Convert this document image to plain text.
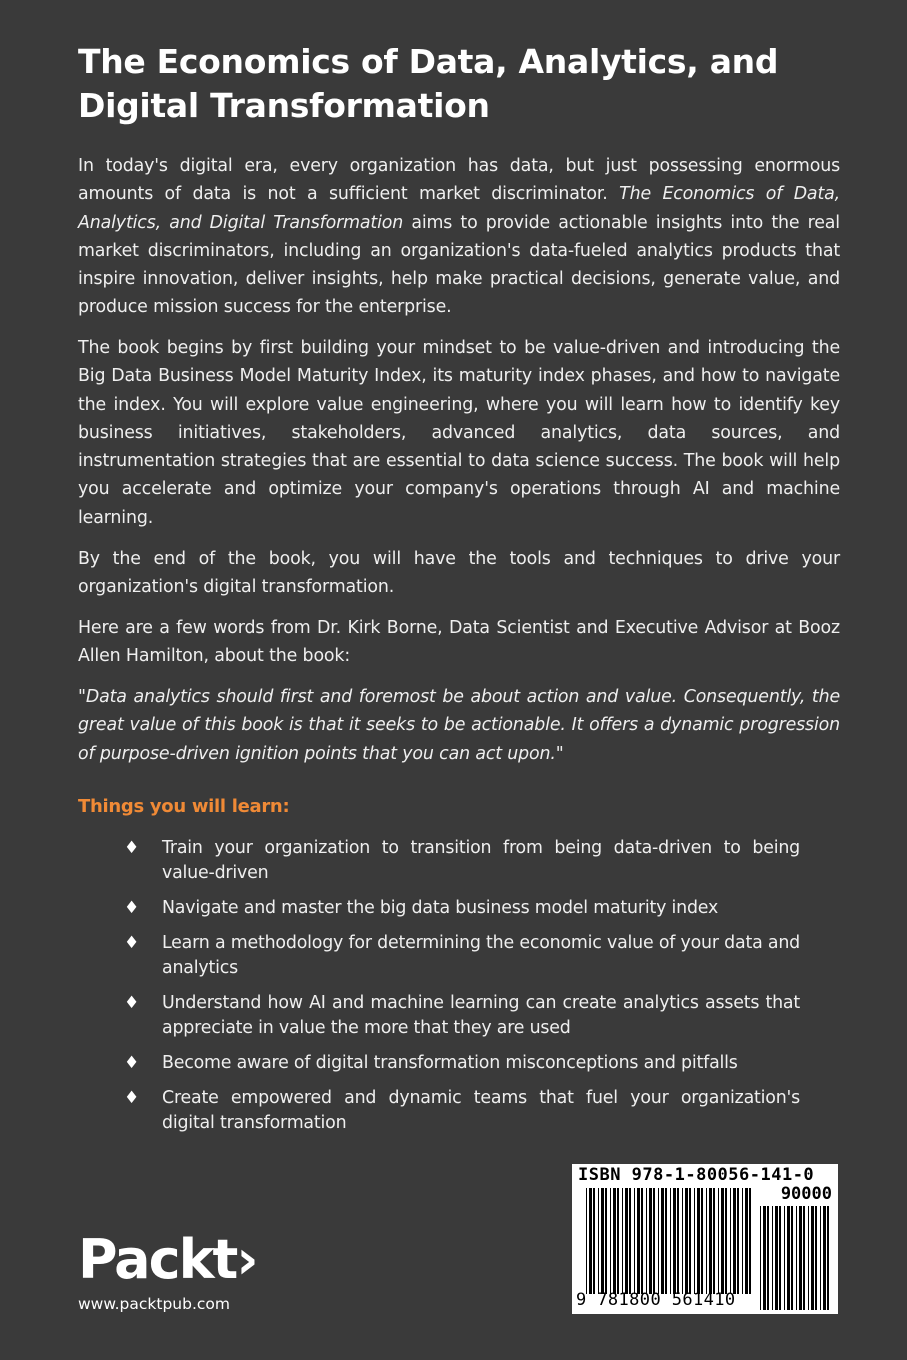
The Economics of Data, Analytics, and Digital Transformation

In today's digital era, every organization has data, but just possessing enormous amounts of data is not a sufficient market discriminator. The Economics of Data, Analytics, and Digital Transformation aims to provide actionable insights into the real market discriminators, including an organization's data-fueled analytics products that inspire innovation, deliver insights, help make practical decisions, generate value, and produce mission success for the enterprise.

The book begins by first building your mindset to be value-driven and introducing the Big Data Business Model Maturity Index, its maturity index phases, and how to navigate the index. You will explore value engineering, where you will learn how to identify key business initiatives, stakeholders, advanced analytics, data sources, and instrumentation strategies that are essential to data science success. The book will help you accelerate and optimize your company's operations through AI and machine learning.

By the end of the book, you will have the tools and techniques to drive your organization's digital transformation.

Here are a few words from Dr. Kirk Borne, Data Scientist and Executive Advisor at Booz Allen Hamilton, about the book:

"Data analytics should first and foremost be about action and value. Consequently, the great value of this book is that it seeks to be actionable. It offers a dynamic progression of purpose-driven ignition points that you can act upon."

Things you will learn:
♦ Train your organization to transition from being data-driven to being value-driven
♦ Navigate and master the big data business model maturity index
♦ Learn a methodology for determining the economic value of your data and analytics
♦ Understand how AI and machine learning can create analytics assets that appreciate in value the more that they are used
♦ Become aware of digital transformation misconceptions and pitfalls
♦ Create empowered and dynamic teams that fuel your organization's digital transformation
Packt›
www.packtpub.com
ISBN 978-1-80056-141-0
90000
9 781800 561410
